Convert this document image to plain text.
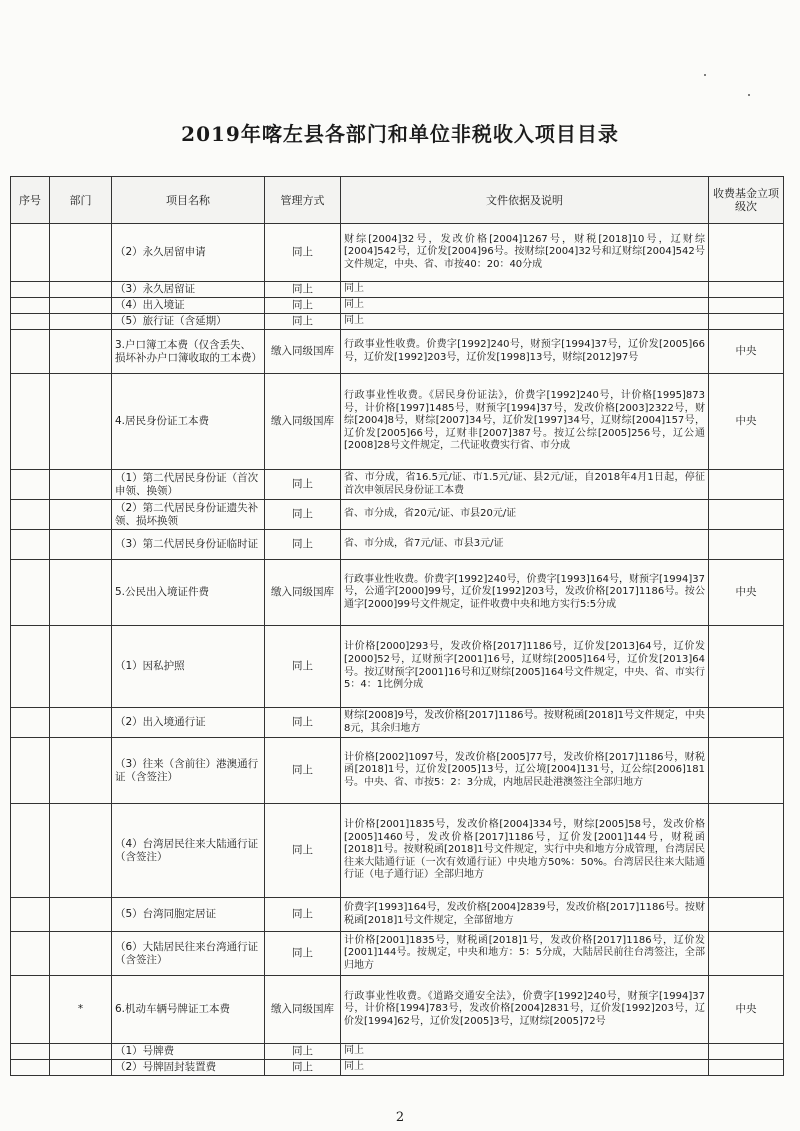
2019年喀左县各部门和单位非税收入项目目录
序号	部门	项目名称	管理方式	文件依据及说明	收费基金立项级次
		（2）永久居留申请	同上	财综[2004]32号，发改价格[2004]1267号，财税[2018]10号，辽财综[2004]542号，辽价发[2004]96号。按财综[2004]32号和辽财综[2004]542号文件规定，中央、省、市按40：20：40分成	
		（3）永久居留证	同上	同上	
		（4）出入境证	同上	同上	
		（5）旅行证（含延期）	同上	同上	
		3.户口簿工本费（仅含丢失、损坏补办户口簿收取的工本费）	缴入同级国库	行政事业性收费。价费字[1992]240号，财预字[1994]37号，辽价发[2005]66号，辽价发[1992]203号，辽价发[1998]13号，财综[2012]97号	中央
		4.居民身份证工本费	缴入同级国库	行政事业性收费。《居民身份证法》，价费字[1992]240号，计价格[1995]873号，计价格[1997]1485号，财预字[1994]37号，发改价格[2003]2322号，财综[2004]8号，财综[2007]34号，辽价发[1997]34号，辽财综[2004]157号，辽价发[2005]66号，辽财非[2007]387号。按辽公综[2005]256号，辽公通[2008]28号文件规定，二代证收费实行省、市分成	中央
		（1）第二代居民身份证（首次申领、换领）	同上	省、市分成，省16.5元/证、市1.5元/证、县2元/证，自2018年4月1日起，停征首次申领居民身份证工本费	
		（2）第二代居民身份证遗失补领、损坏换领	同上	省、市分成，省20元/证、市县20元/证	
		（3）第二代居民身份证临时证	同上	省、市分成，省7元/证、市县3元/证	
		5.公民出入境证件费	缴入同级国库	行政事业性收费。价费字[1992]240号，价费字[1993]164号，财预字[1994]37号，公通字[2000]99号，辽价发[1992]203号，发改价格[2017]1186号。按公通字[2000]99号文件规定，证件收费中央和地方实行5:5分成	中央
		（1）因私护照	同上	计价格[2000]293号，发改价格[2017]1186号，辽价发[2013]64号，辽价发[2000]52号，辽财预字[2001]16号，辽财综[2005]164号，辽价发[2013]64号。按辽财预字[2001]16号和辽财综[2005]164号文件规定，中央、省、市实行5：4：1比例分成	
		（2）出入境通行证	同上	财综[2008]9号，发改价格[2017]1186号。按财税函[2018]1号文件规定，中央8元，其余归地方	
		（3）往来（含前往）港澳通行证（含签注）	同上	计价格[2002]1097号，发改价格[2005]77号，发改价格[2017]1186号，财税函[2018]1号，辽价发[2005]13号，辽公境[2004]131号，辽公综[2006]181号。中央、省、市按5：2：3分成，内地居民赴港澳签注全部归地方	
		（4）台湾居民往来大陆通行证（含签注）	同上	计价格[2001]1835号，发改价格[2004]334号，财综[2005]58号，发改价格[2005]1460号，发改价格[2017]1186号，辽价发[2001]144号，财税函[2018]1号。按财税函[2018]1号文件规定，实行中央和地方分成管理，台湾居民往来大陆通行证（一次有效通行证）中央地方50%：50%。台湾居民往来大陆通行证（电子通行证）全部归地方	
		（5）台湾同胞定居证	同上	价费字[1993]164号，发改价格[2004]2839号，发改价格[2017]1186号。按财税函[2018]1号文件规定，全部留地方	
		（6）大陆居民往来台湾通行证（含签注）	同上	计价格[2001]1835号，财税函[2018]1号，发改价格[2017]1186号，辽价发[2001]144号。按规定，中央和地方：5：5分成，大陆居民前往台湾签注，全部归地方	
	*	6.机动车辆号牌证工本费	缴入同级国库	行政事业性收费。《道路交通安全法》，价费字[1992]240号，财预字[1994]37号，计价格[1994]783号，发改价格[2004]2831号，辽价发[1992]203号，辽价发[1994]62号，辽价发[2005]3号，辽财综[2005]72号	中央
		（1）号牌费	同上	同上	
		（2）号牌固封装置费	同上	同上	
2
